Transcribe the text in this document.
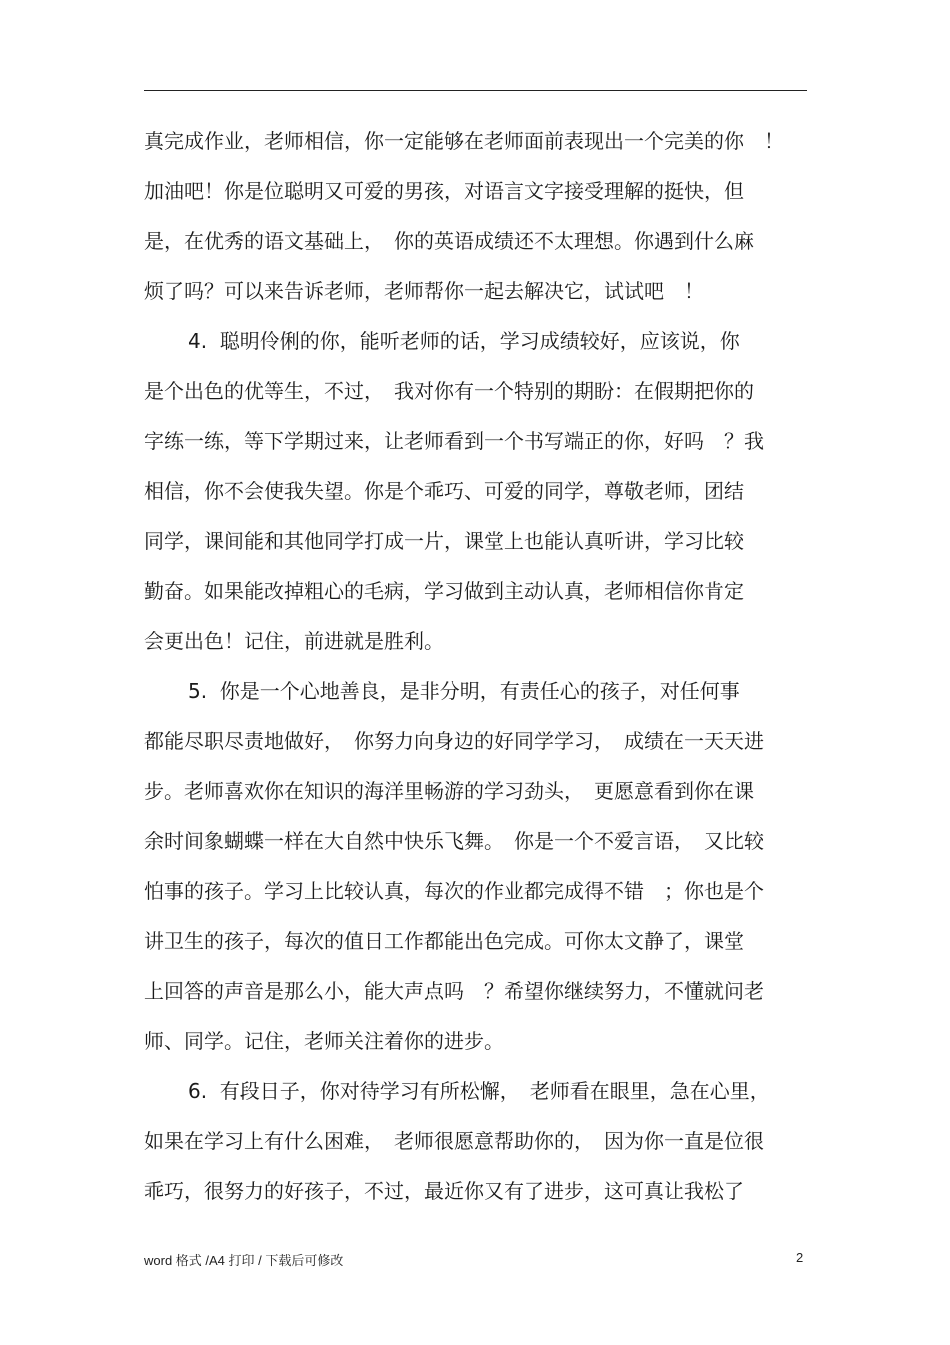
真完成作业，老师相信，你一定能够在老师面前表现出一个完美的你　！
加油吧！你是位聪明又可爱的男孩，对语言文字接受理解的挺快，但
是，在优秀的语文基础上，　你的英语成绩还不太理想。你遇到什么麻
烦了吗？可以来告诉老师，老师帮你一起去解决它，试试吧　！
4.  聪明伶俐的你，能听老师的话，学习成绩较好，应该说，你
是个出色的优等生，不过，　我对你有一个特别的期盼：在假期把你的
字练一练，等下学期过来，让老师看到一个书写端正的你，好吗　？我
相信，你不会使我失望。你是个乖巧、可爱的同学，尊敬老师，团结
同学，课间能和其他同学打成一片，课堂上也能认真听讲，学习比较
勤奋。如果能改掉粗心的毛病，学习做到主动认真，老师相信你肯定
会更出色！记住，前进就是胜利。
5.  你是一个心地善良，是非分明，有责任心的孩子，对任何事
都能尽职尽责地做好，　你努力向身边的好同学学习，　成绩在一天天进
步。老师喜欢你在知识的海洋里畅游的学习劲头，　更愿意看到你在课
余时间象蝴蝶一样在大自然中快乐飞舞。　你是一个不爱言语，　又比较
怕事的孩子。学习上比较认真，每次的作业都完成得不错　；你也是个
讲卫生的孩子，每次的值日工作都能出色完成。可你太文静了，课堂
上回答的声音是那么小，能大声点吗　？希望你继续努力，不懂就问老
师、同学。记住，老师关注着你的进步。
6.  有段日子，你对待学习有所松懈，　老师看在眼里，急在心里，
如果在学习上有什么困难，　老师很愿意帮助你的，　因为你一直是位很
乖巧，很努力的好孩子，不过，最近你又有了进步，这可真让我松了
word 格式 /A4 打印 / 下载后可修改	2
